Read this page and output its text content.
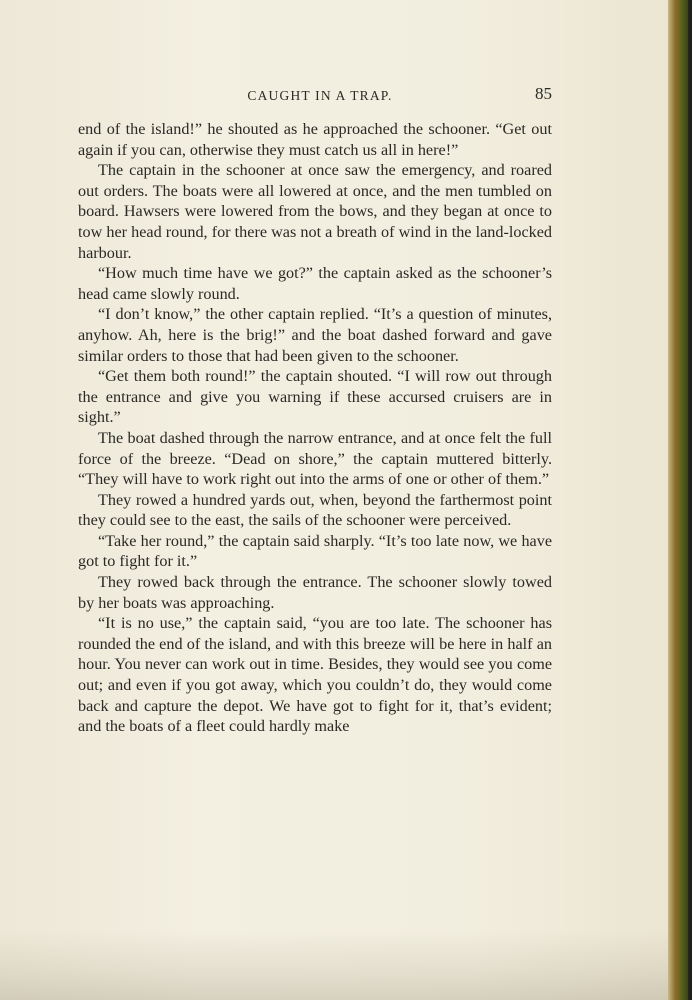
CAUGHT IN A TRAP.	85

end of the island!” he shouted as he approached the schooner. “Get out again if you can, otherwise they must catch us all in here!”

The captain in the schooner at once saw the emergency, and roared out orders. The boats were all lowered at once, and the men tumbled on board. Hawsers were lowered from the bows, and they began at once to tow her head round, for there was not a breath of wind in the land-locked harbour.

“How much time have we got?” the captain asked as the schooner’s head came slowly round.

“I don’t know,” the other captain replied. “It’s a question of minutes, anyhow. Ah, here is the brig!” and the boat dashed forward and gave similar orders to those that had been given to the schooner.

“Get them both round!” the captain shouted. “I will row out through the entrance and give you warning if these accursed cruisers are in sight.”

The boat dashed through the narrow entrance, and at once felt the full force of the breeze. “Dead on shore,” the captain muttered bitterly. “They will have to work right out into the arms of one or other of them.”

They rowed a hundred yards out, when, beyond the farthermost point they could see to the east, the sails of the schooner were perceived.

“Take her round,” the captain said sharply. “It’s too late now, we have got to fight for it.”

They rowed back through the entrance. The schooner slowly towed by her boats was approaching.

“It is no use,” the captain said, “you are too late. The schooner has rounded the end of the island, and with this breeze will be here in half an hour. You never can work out in time. Besides, they would see you come out; and even if you got away, which you couldn’t do, they would come back and capture the depot. We have got to fight for it, that’s evident; and the boats of a fleet could hardly make
